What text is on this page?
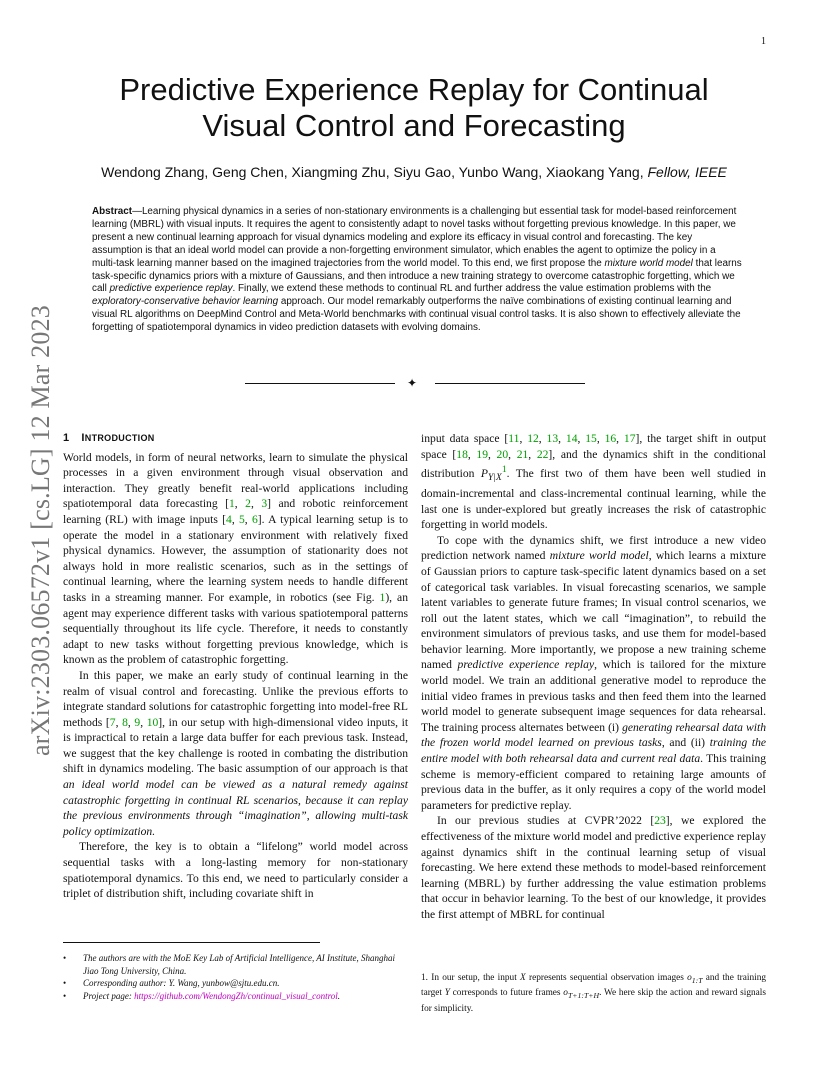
1
arXiv:2303.06572v1 [cs.LG] 12 Mar 2023
Predictive Experience Replay for Continual
Visual Control and Forecasting
Wendong Zhang, Geng Chen, Xiangming Zhu, Siyu Gao, Yunbo Wang, Xiaokang Yang, Fellow, IEEE
Abstract—Learning physical dynamics in a series of non-stationary environments is a challenging but essential task for model-based reinforcement learning (MBRL) with visual inputs. It requires the agent to consistently adapt to novel tasks without forgetting previous knowledge. In this paper, we present a new continual learning approach for visual dynamics modeling and explore its efficacy in visual control and forecasting. The key assumption is that an ideal world model can provide a non-forgetting environment simulator, which enables the agent to optimize the policy in a multi-task learning manner based on the imagined trajectories from the world model. To this end, we first propose the mixture world model that learns task-specific dynamics priors with a mixture of Gaussians, and then introduce a new training strategy to overcome catastrophic forgetting, which we call predictive experience replay. Finally, we extend these methods to continual RL and further address the value estimation problems with the exploratory-conservative behavior learning approach. Our model remarkably outperforms the naïve combinations of existing continual learning and visual RL algorithms on DeepMind Control and Meta-World benchmarks with continual visual control tasks. It is also shown to effectively alleviate the forgetting of spatiotemporal dynamics in video prediction datasets with evolving domains.
✦
1 INTRODUCTION

World models, in form of neural networks, learn to simulate the physical processes in a given environment through visual observation and interaction. They greatly benefit real-world applications including spatiotemporal data forecasting [1, 2, 3] and robotic reinforcement learning (RL) with image inputs [4, 5, 6]. A typical learning setup is to operate the model in a stationary environment with relatively fixed physical dynamics. However, the assumption of stationarity does not always hold in more realistic scenarios, such as in the settings of continual learning, where the learning system needs to handle different tasks in a streaming manner. For example, in robotics (see Fig. 1), an agent may experience different tasks with various spatiotemporal patterns sequentially throughout its life cycle. Therefore, it needs to constantly adapt to new tasks without forgetting previous knowledge, which is known as the problem of catastrophic forgetting.

In this paper, we make an early study of continual learning in the realm of visual control and forecasting. Unlike the previous efforts to integrate standard solutions for catastrophic forgetting into model-free RL methods [7, 8, 9, 10], in our setup with high-dimensional video inputs, it is impractical to retain a large data buffer for each previous task. Instead, we suggest that the key challenge is rooted in combating the distribution shift in dynamics modeling. The basic assumption of our approach is that an ideal world model can be viewed as a natural remedy against catastrophic forgetting in continual RL scenarios, because it can replay the previous environments through “imagination”, allowing multi-task policy optimization.

Therefore, the key is to obtain a “lifelong” world model across sequential tasks with a long-lasting memory for non-stationary spatiotemporal dynamics. To this end, we need to particularly consider a triplet of distribution shift, including covariate shift in

input data space [11, 12, 13, 14, 15, 16, 17], the target shift in output space [18, 19, 20, 21, 22], and the dynamics shift in the conditional distribution $P_{Y|X}^1$. The first two of them have been well studied in domain-incremental and class-incremental continual learning, while the last one is under-explored but greatly increases the risk of catastrophic forgetting in world models.

To cope with the dynamics shift, we first introduce a new video prediction network named mixture world model, which learns a mixture of Gaussian priors to capture task-specific latent dynamics based on a set of categorical task variables. In visual forecasting scenarios, we sample latent variables to generate future frames; In visual control scenarios, we roll out the latent states, which we call “imagination”, to rebuild the environment simulators of previous tasks, and use them for model-based behavior learning. More importantly, we propose a new training scheme named predictive experience replay, which is tailored for the mixture world model. We train an additional generative model to reproduce the initial video frames in previous tasks and then feed them into the learned world model to generate subsequent image sequences for data rehearsal. The training process alternates between (i) generating rehearsal data with the frozen world model learned on previous tasks, and (ii) training the entire model with both rehearsal data and current real data. This training scheme is memory-efficient compared to retaining large amounts of previous data in the buffer, as it only requires a copy of the world model parameters for predictive replay.

In our previous studies at CVPR’2022 [23], we explored the effectiveness of the mixture world model and predictive experience replay against dynamics shift in the continual learning setup of visual forecasting. We here extend these methods to model-based reinforcement learning (MBRL) by further addressing the value estimation problems that occur in behavior learning. To the best of our knowledge, it provides the first attempt of MBRL for continual

• The authors are with the MoE Key Lab of Artificial Intelligence, AI Institute, Shanghai Jiao Tong University, China.
• Corresponding author: Y. Wang, yunbow@sjtu.edu.cn.
• Project page: https://github.com/WendongZh/continual_visual_control.
1. In our setup, the input X represents sequential observation images $o_{1:T}$ and the training target Y corresponds to future frames $o_{T+1:T+H}$. We here skip the action and reward signals for simplicity.
